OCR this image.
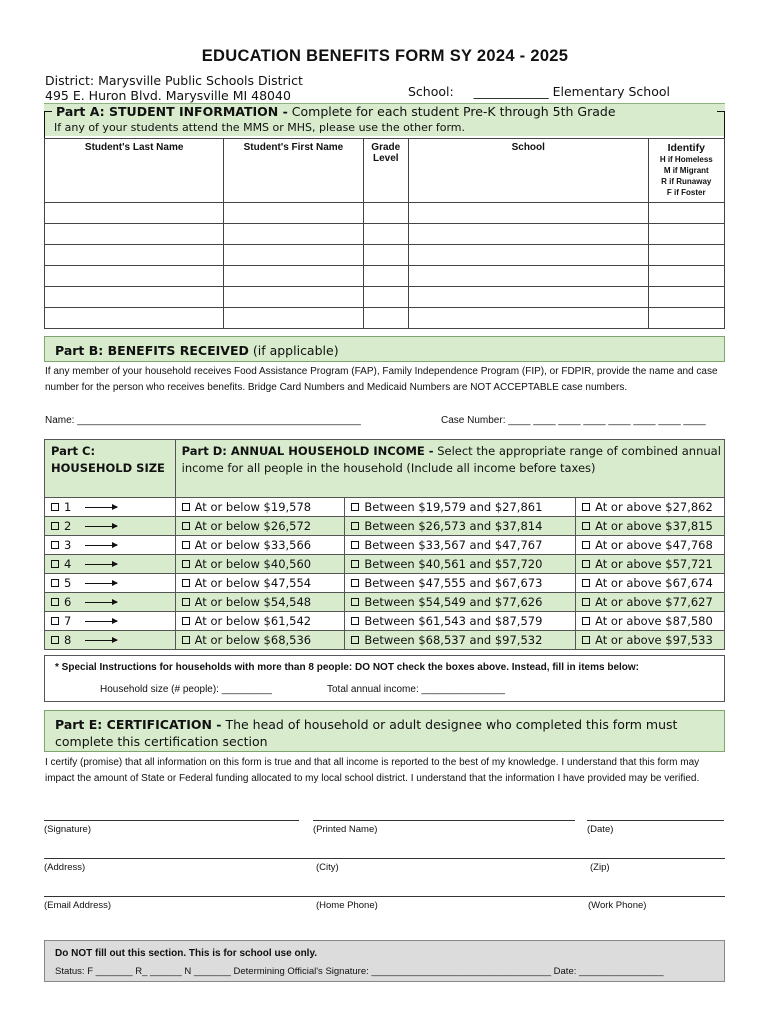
EDUCATION BENEFITS FORM SY 2024 - 2025
District: Marysville Public Schools District
495 E. Huron Blvd. Marysville MI 48040	School: ____________ Elementary School
Part A: STUDENT INFORMATION - Complete for each student Pre-K through 5th Grade
If any of your students attend the MMS or MHS, please use the other form.
Student's Last Name	Student's First Name	Grade Level	School	Identify
H if Homeless
M if Migrant
R if Runaway
F if Foster

Part B: BENEFITS RECEIVED (if applicable)
If any member of your household receives Food Assistance Program (FAP), Family Independence Program (FIP), or FDPIR, provide the name and case number for the person who receives benefits. Bridge Card Numbers and Medicaid Numbers are NOT ACCEPTABLE case numbers.
Name: ___________________________________________________	Case Number: ____ ____ ____ ____ ____ ____ ____ ____
Part C: HOUSEHOLD SIZE	Part D: ANNUAL HOUSEHOLD INCOME - Select the appropriate range of combined annual income for all people in the household (Include all income before taxes)		
1	At or below $19,578	Between $19,579 and $27,861	At or above $27,862
2	At or below $26,572	Between $26,573 and $37,814	At or above $37,815
3	At or below $33,566	Between $33,567 and $47,767	At or above $47,768
4	At or below $40,560	Between $40,561 and $57,720	At or above $57,721
5	At or below $47,554	Between $47,555 and $67,673	At or above $67,674
6	At or below $54,548	Between $54,549 and $77,626	At or above $77,627
7	At or below $61,542	Between $61,543 and $87,579	At or above $87,580
8	At or below $68,536	Between $68,537 and $97,532	At or above $97,533
* Special Instructions for households with more than 8 people: DO NOT check the boxes above. Instead, fill in items below:
Household size (# people): _________	Total annual income: _______________
Part E: CERTIFICATION - The head of household or adult designee who completed this form must complete this certification section
I certify (promise) that all information on this form is true and that all income is reported to the best of my knowledge. I understand that this form may impact the amount of State or Federal funding allocated to my local school district. I understand that the information I have provided may be verified.
(Signature)	(Printed Name)	(Date)
(Address)	(City)	(Zip)
(Email Address)	(Home Phone)	(Work Phone)
Do NOT fill out this section. This is for school use only.
Status: F _______ R_ ______ N _______ Determining Official's Signature: __________________________________ Date: ________________
